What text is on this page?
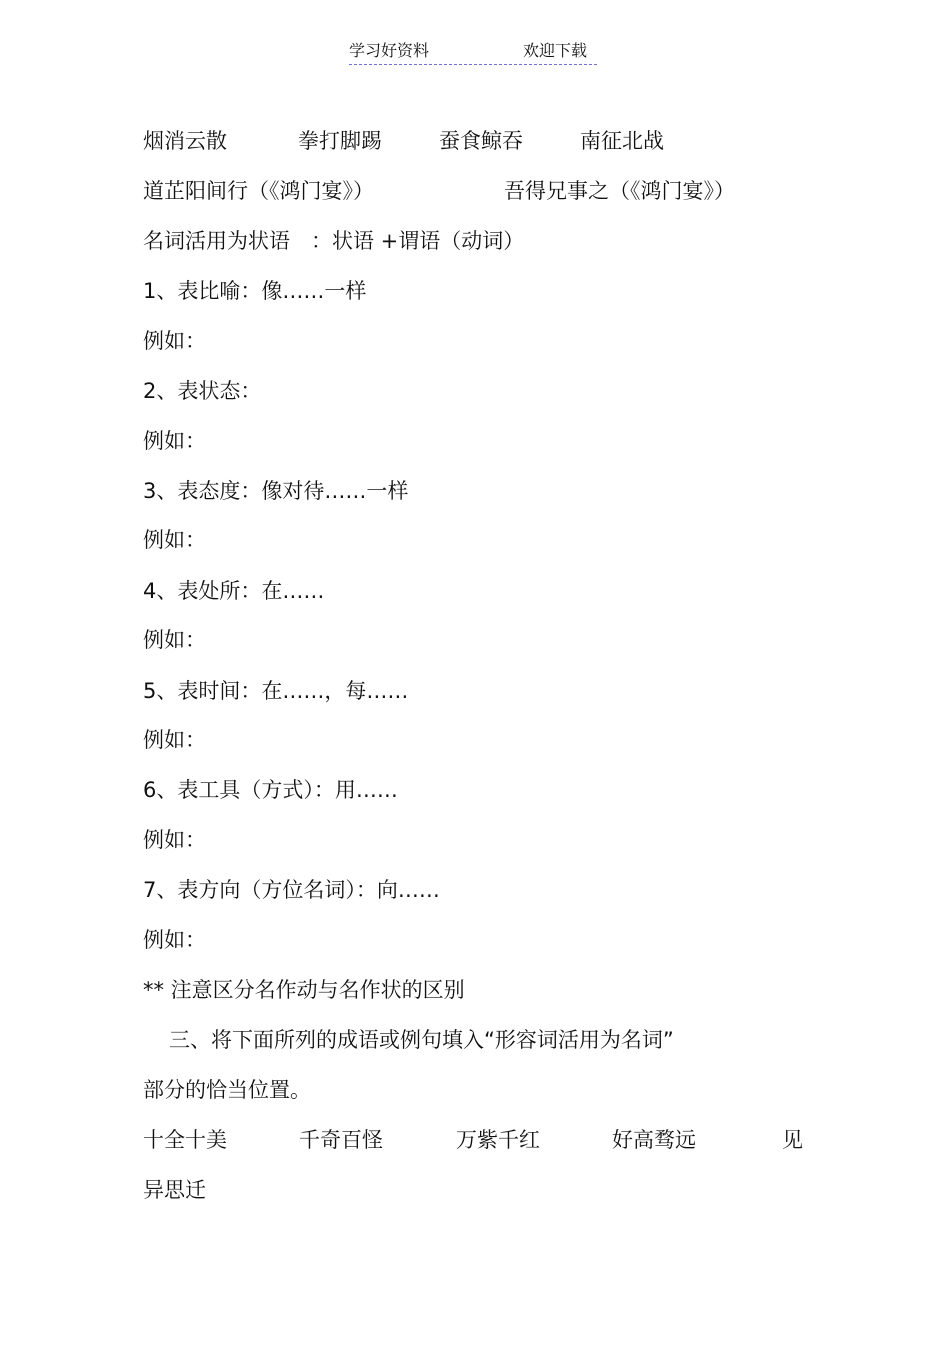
学习好资料	欢迎下载
烟消云散	拳打脚踢	蚕食鲸吞	南征北战
道芷阳间行（《鸿门宴》）	吾得兄事之（《鸿门宴》）
名词活用为状语　：状语 +谓语（动词）
1、表比喻：像……一样
例如：
2、表状态：
例如：
3、表态度：像对待……一样
例如：
4、表处所：在……
例如：
5、表时间：在……，每……
例如：
6、表工具（方式）：用……
例如：
7、表方向（方位名词）：向……
例如：
** 注意区分名作动与名作状的区别
三、将下面所列的成语或例句填入“形容词活用为名词”
部分的恰当位置。
十全十美	千奇百怪	万紫千红	好高骛远	见
异思迁
